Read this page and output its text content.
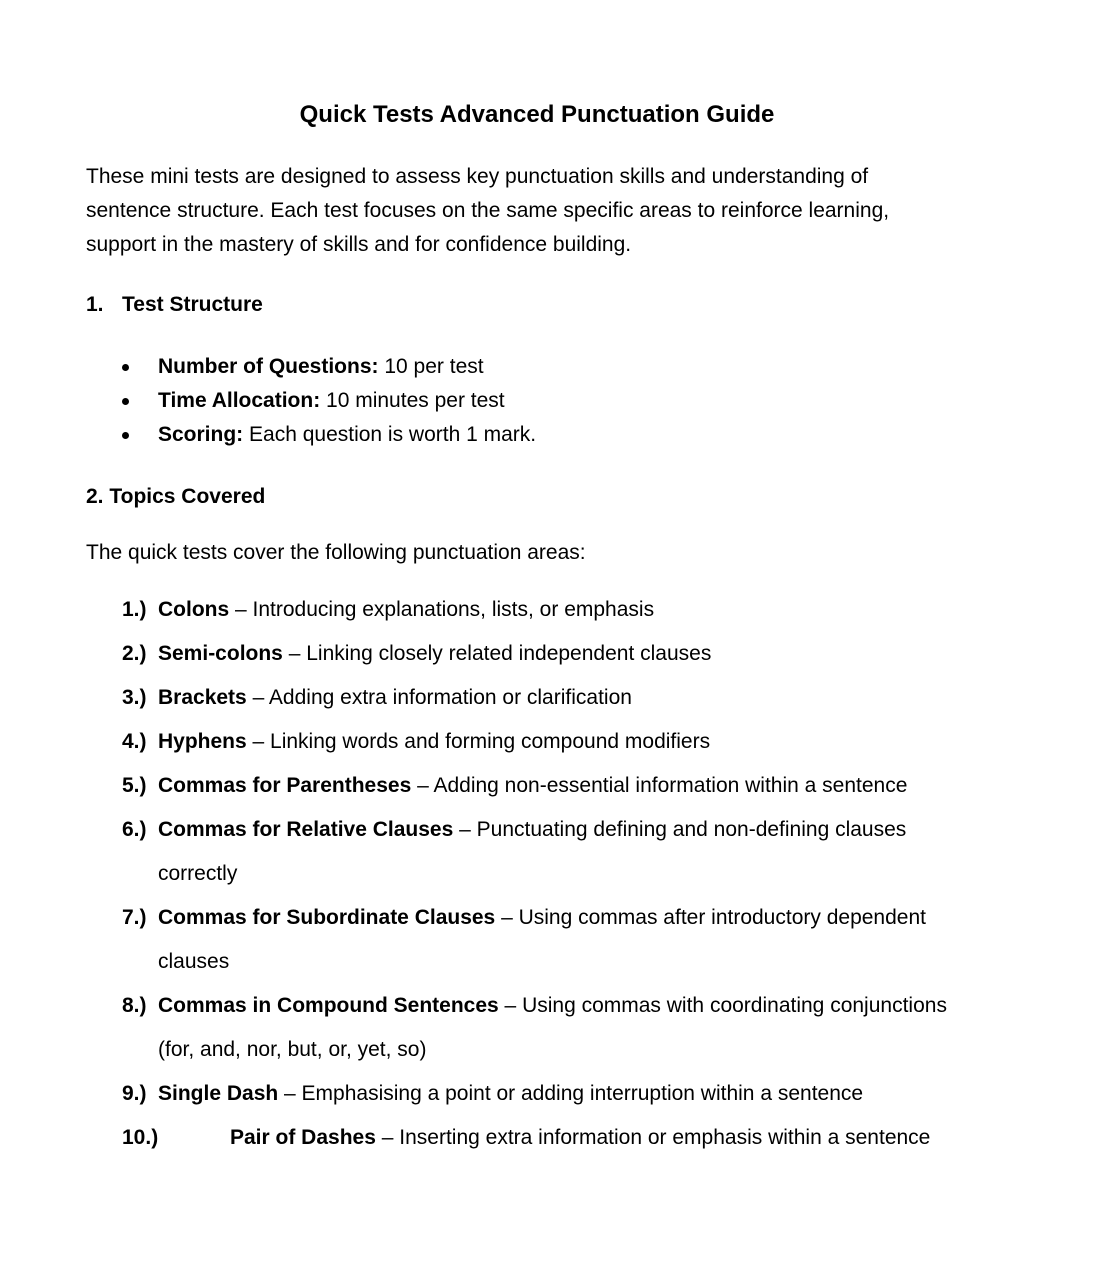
Quick Tests Advanced Punctuation Guide
These mini tests are designed to assess key punctuation skills and understanding of
sentence structure. Each test focuses on the same specific areas to reinforce learning,
support in the mastery of skills and for confidence building.
1. Test Structure
Number of Questions: 10 per test
Time Allocation: 10 minutes per test
Scoring: Each question is worth 1 mark.
2. Topics Covered
The quick tests cover the following punctuation areas:
1.) Colons – Introducing explanations, lists, or emphasis
2.) Semi-colons – Linking closely related independent clauses
3.) Brackets – Adding extra information or clarification
4.) Hyphens – Linking words and forming compound modifiers
5.) Commas for Parentheses – Adding non-essential information within a sentence
6.) Commas for Relative Clauses – Punctuating defining and non-defining clauses
correctly
7.) Commas for Subordinate Clauses – Using commas after introductory dependent
clauses
8.) Commas in Compound Sentences – Using commas with coordinating conjunctions
(for, and, nor, but, or, yet, so)
9.) Single Dash – Emphasising a point or adding interruption within a sentence
10.)	Pair of Dashes – Inserting extra information or emphasis within a sentence
